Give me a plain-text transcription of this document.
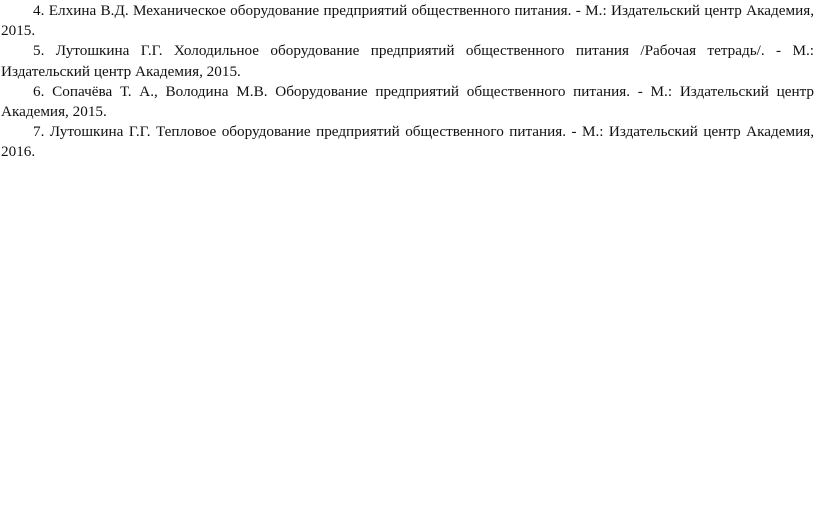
4. Елхина В.Д. Механическое оборудование предприятий общественного питания. - М.: Издательский центр Академия, 2015.

5. Лутошкина Г.Г. Холодильное оборудование предприятий общественного питания /Рабочая тетрадь/. - М.: Издательский центр Академия, 2015.

6. Сопачёва Т. А., Володина М.В. Оборудование предприятий общественного питания. - М.: Издательский центр Академия, 2015.

7. Лутошкина Г.Г. Тепловое оборудование предприятий общественного питания. - М.: Издательский центр Академия, 2016.
